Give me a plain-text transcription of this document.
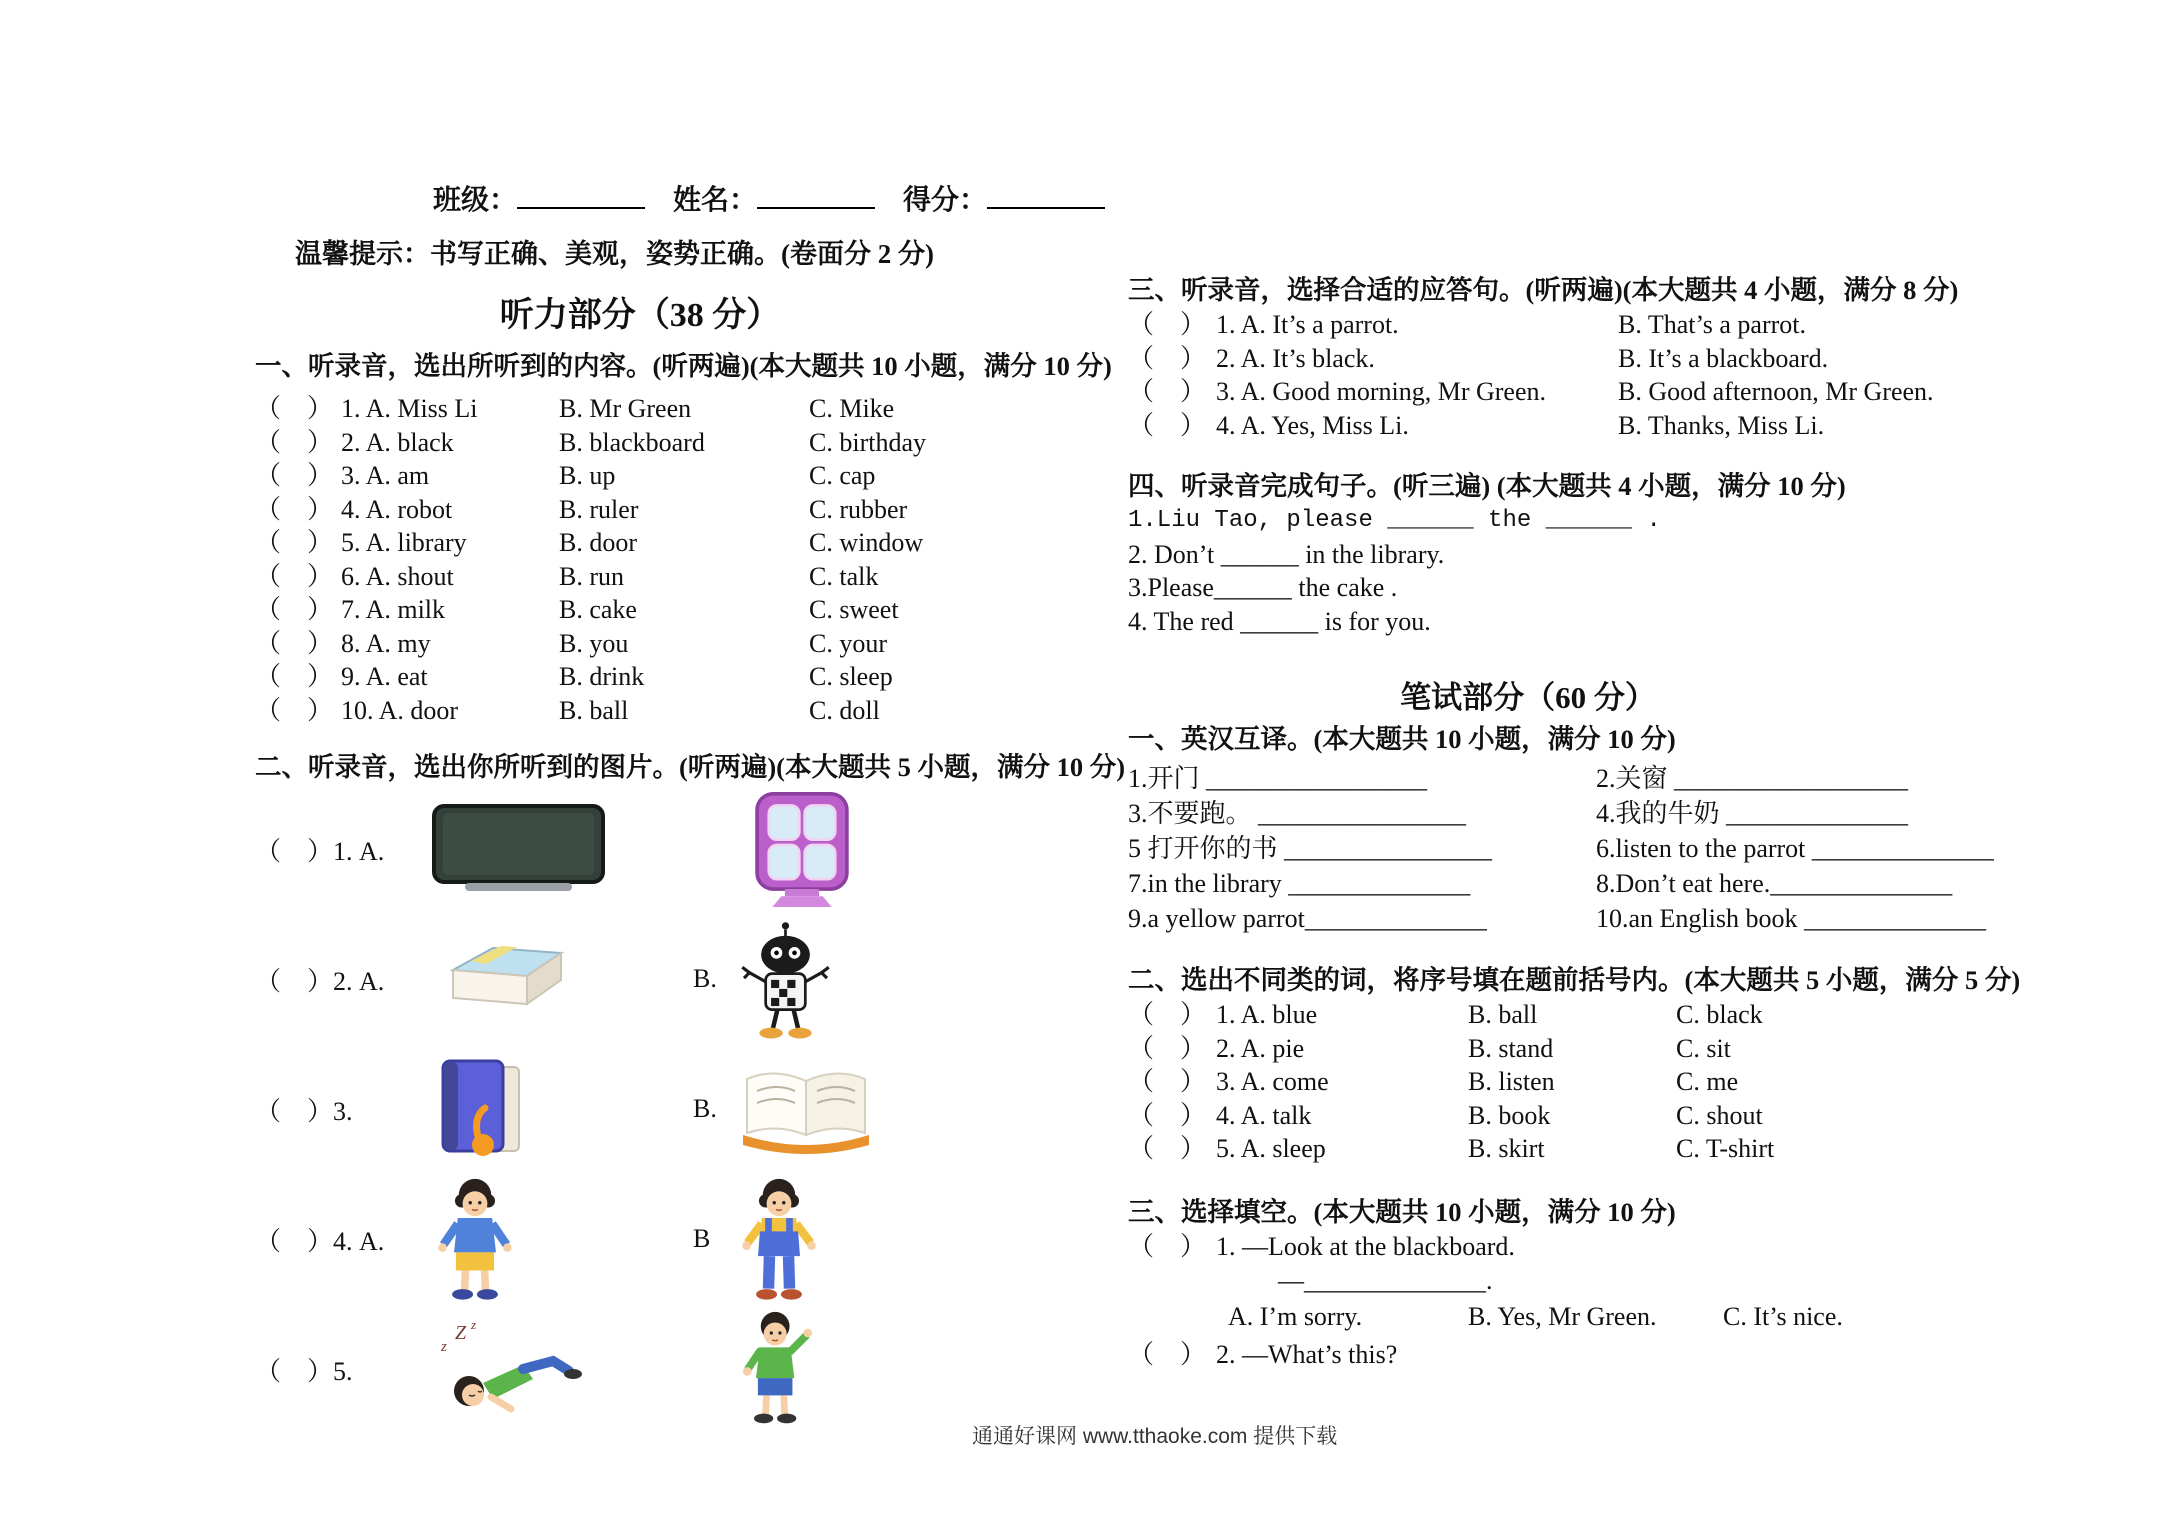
班级：	姓名：	得分：
温馨提示：书写正确、美观，姿势正确。(卷面分 2 分)
听力部分（38 分）
一、听录音，选出所听到的内容。(听两遍)(本大题共 10 小题，满分 10 分)
（　） 1. A. Miss Li	B. Mr Green	C. Mike
（　） 2. A. black	B. blackboard	C. birthday
（　） 3. A. am	B. up	C. cap
（　） 4. A. robot	B. ruler	C. rubber
（　） 5. A. library	B. door	C. window
（　） 6. A. shout	B. run	C. talk
（　） 7. A. milk	B. cake	C. sweet
（　） 8. A. my	B. you	C. your
（　） 9. A. eat	B. drink	C. sleep
（　） 10. A. door	B. ball	C. doll
二、听录音，选出你所听到的图片。(听两遍)(本大题共 5 小题，满分 10 分)
（　）1. A.
（　）2. A.	B.
（　）3.	B.
（　）4. A.	B
（　）5.
Z
z
z
三、听录音，选择合适的应答句。(听两遍)(本大题共 4 小题，满分 8 分)
（　） 1. A. It’s a parrot.	B. That’s a parrot.
（　） 2. A. It’s black.	B. It’s a blackboard.
（　） 3. A. Good morning, Mr Green.	B. Good afternoon, Mr Green.
（　） 4. A. Yes, Miss Li.	B. Thanks, Miss Li.
四、听录音完成句子。(听三遍) (本大题共 4 小题，满分 10 分)
1.Liu Tao, please ______ the ______ .
2. Don’t ______ in the library.
3.Please______ the cake .
4. The red ______ is for you.
笔试部分（60 分）
一、英汉互译。(本大题共 10 小题，满分 10 分)
1.开门 _________________	2.关窗 __________________
3.不要跑。 ________________	4.我的牛奶 ______________
5 打开你的书 ________________	6.listen to the parrot ______________
7.in the library ______________	8.Don’t eat here.______________
9.a yellow parrot______________	10.an English book ______________
二、选出不同类的词，将序号填在题前括号内。(本大题共 5 小题，满分 5 分)
（　） 1. A. blue	B. ball	C. black
（　） 2. A. pie	B. stand	C. sit
（　） 3. A. come	B. listen	C. me
（　） 4. A. talk	B. book	C. shout
（　） 5. A. sleep	B. skirt	C. T-shirt
三、选择填空。(本大题共 10 小题，满分 10 分)
（　） 1. —Look at the blackboard.
—______________.
A. I’m sorry.	B. Yes, Mr Green.	C. It’s nice.
（　） 2. —What’s this?
通通好课网 www.tthaoke.com 提供下载
